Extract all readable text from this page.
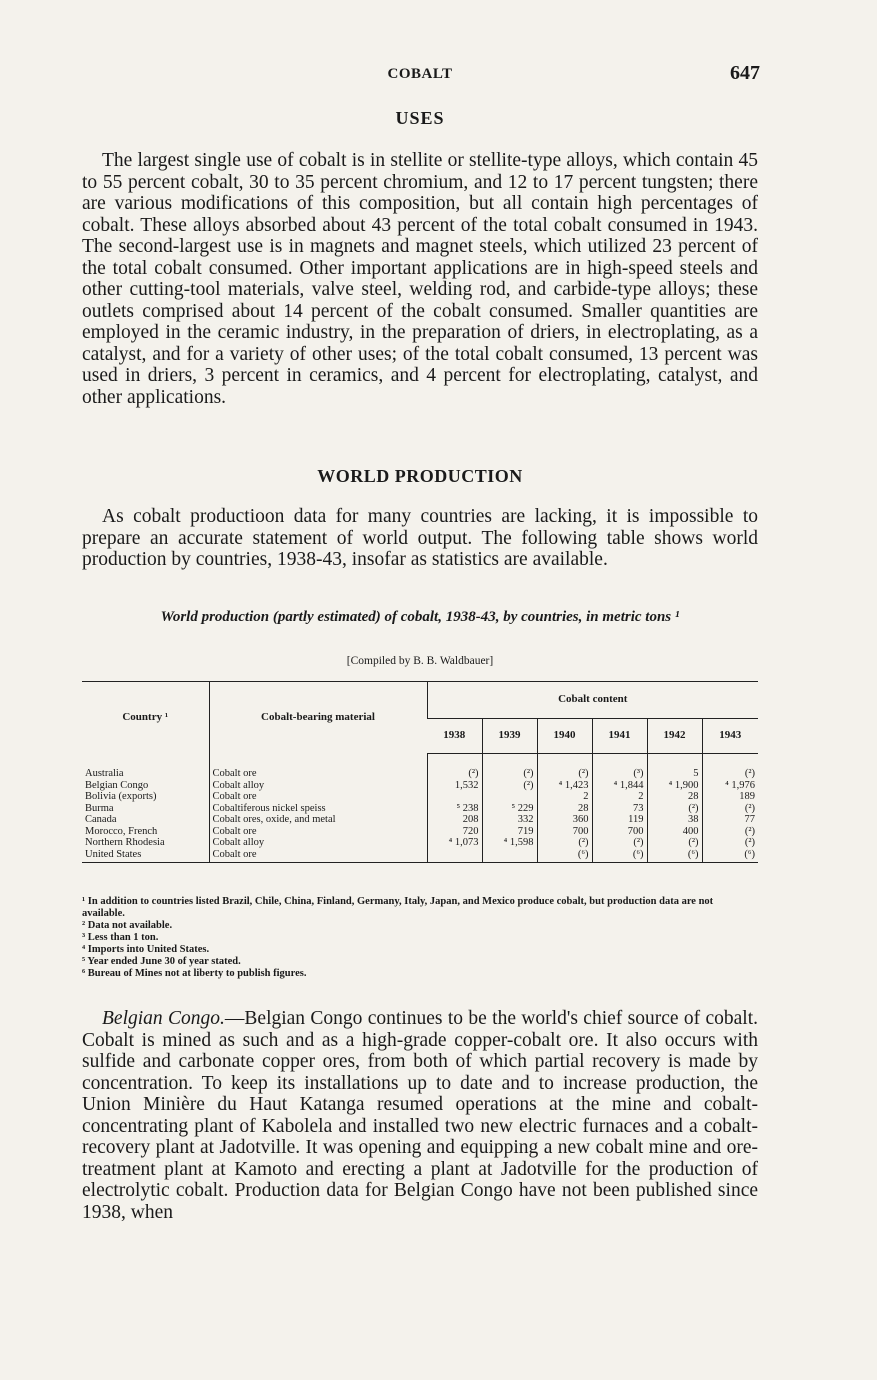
COBALT	647
USES

The largest single use of cobalt is in stellite or stellite-type alloys, which contain 45 to 55 percent cobalt, 30 to 35 percent chromium, and 12 to 17 percent tungsten; there are various modifications of this composition, but all contain high percentages of cobalt. These alloys absorbed about 43 percent of the total cobalt consumed in 1943. The second-largest use is in magnets and magnet steels, which utilized 23 percent of the total cobalt consumed. Other important applications are in high-speed steels and other cutting-tool materials, valve steel, welding rod, and carbide-type alloys; these outlets comprised about 14 percent of the cobalt consumed. Smaller quantities are employed in the ceramic industry, in the preparation of driers, in electroplating, as a catalyst, and for a variety of other uses; of the total cobalt consumed, 13 percent was used in driers, 3 percent in ceramics, and 4 percent for electroplating, catalyst, and other applications.

WORLD PRODUCTION

As cobalt productioon data for many countries are lacking, it is impossible to prepare an accurate statement of world output. The following table shows world production by countries, 1938-43, insofar as statistics are available.

World production (partly estimated) of cobalt, 1938-43, by countries, in metric tons ¹
[Compiled by B. B. Waldbauer]
Country ¹	Cobalt-bearing material	Cobalt content					
		1938	1939	1940	1941	1942	1943
Australia	Cobalt ore	(²)	(²)	(²)	(³)	5	(²)
Belgian Congo	Cobalt alloy	1,532	(²)	⁴ 1,423	⁴ 1,844	⁴ 1,900	⁴ 1,976
Bolivia (exports)	Cobalt ore			2	2	28	189
Burma	Cobaltiferous nickel speiss	⁵ 238	⁵ 229	28	73	(²)	(²)
Canada	Cobalt ores, oxide, and metal	208	332	360	119	38	77
Morocco, French	Cobalt ore	720	719	700	700	400	(²)
Northern Rhodesia	Cobalt alloy	⁴ 1,073	⁴ 1,598	(²)	(²)	(²)	(²)
United States	Cobalt ore			(⁶)	(⁶)	(⁶)	(⁶)
¹ In addition to countries listed Brazil, Chile, China, Finland, Germany, Italy, Japan, and Mexico produce cobalt, but production data are not available.
² Data not available.
³ Less than 1 ton.
⁴ Imports into United States.
⁵ Year ended June 30 of year stated.
⁶ Bureau of Mines not at liberty to publish figures.

Belgian Congo.—Belgian Congo continues to be the world's chief source of cobalt. Cobalt is mined as such and as a high-grade copper-cobalt ore. It also occurs with sulfide and carbonate copper ores, from both of which partial recovery is made by concentration. To keep its installations up to date and to increase production, the Union Minière du Haut Katanga resumed operations at the mine and cobalt-concentrating plant of Kabolela and installed two new electric furnaces and a cobalt-recovery plant at Jadotville. It was opening and equipping a new cobalt mine and ore-treatment plant at Kamoto and erecting a plant at Jadotville for the production of electrolytic cobalt. Production data for Belgian Congo have not been published since 1938, when
